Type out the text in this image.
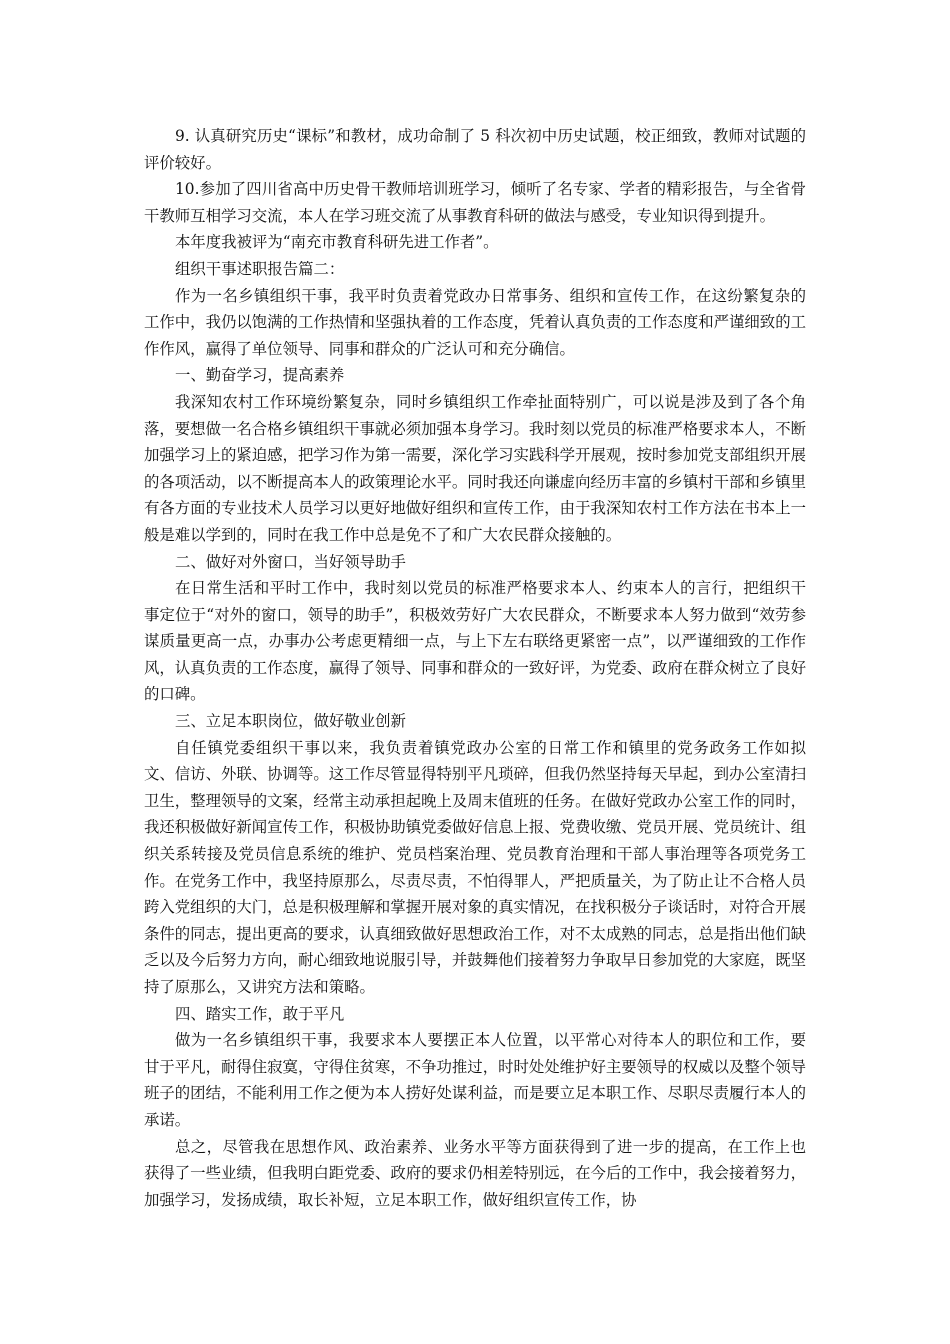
9. 认真研究历史“课标”和教材，成功命制了 5 科次初中历史试题，校正细致，教师对试题的评价较好。

10.参加了四川省高中历史骨干教师培训班学习，倾听了名专家、学者的精彩报告，与全省骨干教师互相学习交流，本人在学习班交流了从事教育科研的做法与感受，专业知识得到提升。

本年度我被评为“南充市教育科研先进工作者”。

组织干事述职报告篇二：

作为一名乡镇组织干事，我平时负责着党政办日常事务、组织和宣传工作，在这纷繁复杂的工作中，我仍以饱满的工作热情和坚强执着的工作态度，凭着认真负责的工作态度和严谨细致的工作作风，赢得了单位领导、同事和群众的广泛认可和充分确信。

一、勤奋学习，提高素养

我深知农村工作环境纷繁复杂，同时乡镇组织工作牵扯面特别广，可以说是涉及到了各个角落，要想做一名合格乡镇组织干事就必须加强本身学习。我时刻以党员的标准严格要求本人，不断加强学习上的紧迫感，把学习作为第一需要，深化学习实践科学开展观，按时参加党支部组织开展的各项活动，以不断提高本人的政策理论水平。同时我还向谦虚向经历丰富的乡镇村干部和乡镇里有各方面的专业技术人员学习以更好地做好组织和宣传工作，由于我深知农村工作方法在书本上一般是难以学到的，同时在我工作中总是免不了和广大农民群众接触的。

二、做好对外窗口，当好领导助手

在日常生活和平时工作中，我时刻以党员的标准严格要求本人、约束本人的言行，把组织干事定位于“对外的窗口，领导的助手”，积极效劳好广大农民群众，不断要求本人努力做到“效劳参谋质量更高一点，办事办公考虑更精细一点，与上下左右联络更紧密一点”，以严谨细致的工作作风，认真负责的工作态度，赢得了领导、同事和群众的一致好评，为党委、政府在群众树立了良好的口碑。

三、立足本职岗位，做好敬业创新

自任镇党委组织干事以来，我负责着镇党政办公室的日常工作和镇里的党务政务工作如拟文、信访、外联、协调等。这工作尽管显得特别平凡琐碎，但我仍然坚持每天早起，到办公室清扫卫生，整理领导的文案，经常主动承担起晚上及周末值班的任务。在做好党政办公室工作的同时，我还积极做好新闻宣传工作，积极协助镇党委做好信息上报、党费收缴、党员开展、党员统计、组织关系转接及党员信息系统的维护、党员档案治理、党员教育治理和干部人事治理等各项党务工作。在党务工作中，我坚持原那么，尽责尽责，不怕得罪人，严把质量关，为了防止让不合格人员跨入党组织的大门，总是积极理解和掌握开展对象的真实情况，在找积极分子谈话时，对符合开展条件的同志，提出更高的要求，认真细致做好思想政治工作，对不太成熟的同志，总是指出他们缺乏以及今后努力方向，耐心细致地说服引导，并鼓舞他们接着努力争取早日参加党的大家庭，既坚持了原那么，又讲究方法和策略。

四、踏实工作，敢于平凡

做为一名乡镇组织干事，我要求本人要摆正本人位置，以平常心对待本人的职位和工作，要甘于平凡，耐得住寂寞，守得住贫寒，不争功推过，时时处处维护好主要领导的权威以及整个领导班子的团结，不能利用工作之便为本人捞好处谋利益，而是要立足本职工作、尽职尽责履行本人的承诺。

总之，尽管我在思想作风、政治素养、业务水平等方面获得到了进一步的提高，在工作上也获得了一些业绩，但我明白距党委、政府的要求仍相差特别远，在今后的工作中，我会接着努力，加强学习，发扬成绩，取长补短，立足本职工作，做好组织宣传工作，协
